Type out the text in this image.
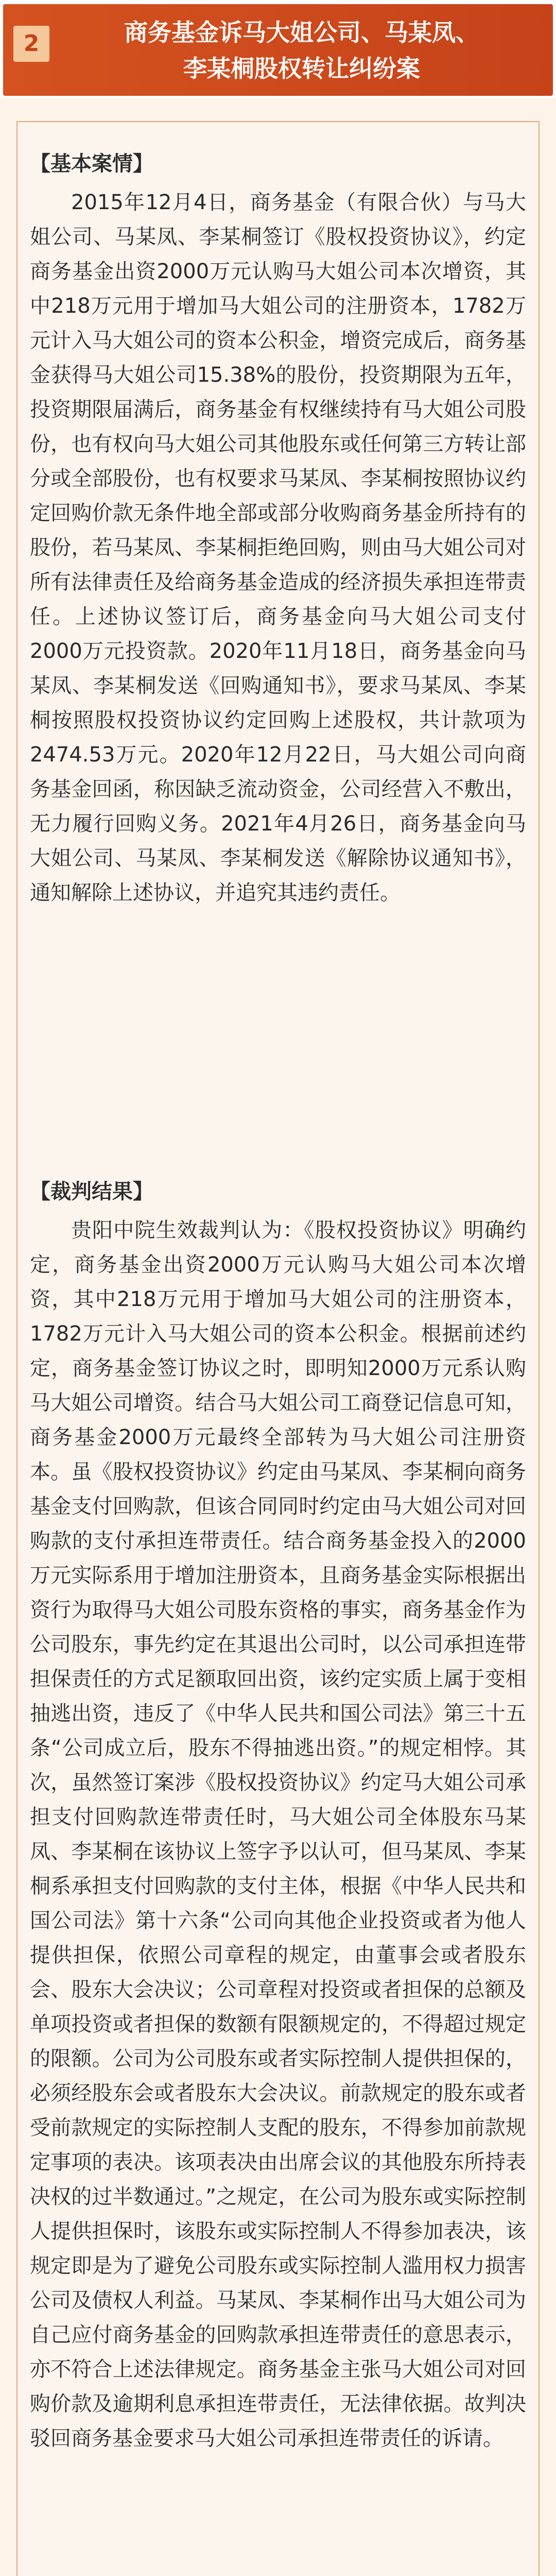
2	商务基金诉马大姐公司、马某凤、
李某桐股权转让纠纷案
【基本案情】

2015年12月4日，商务基金（有限合伙）与马大姐公司、马某凤、李某桐签订《股权投资协议》，约定商务基金出资2000万元认购马大姐公司本次增资，其中218万元用于增加马大姐公司的注册资本，1782万元计入马大姐公司的资本公积金，增资完成后，商务基金获得马大姐公司15.38%的股份，投资期限为五年，投资期限届满后，商务基金有权继续持有马大姐公司股份，也有权向马大姐公司其他股东或任何第三方转让部分或全部股份，也有权要求马某凤、李某桐按照协议约定回购价款无条件地全部或部分收购商务基金所持有的股份，若马某凤、李某桐拒绝回购，则由马大姐公司对所有法律责任及给商务基金造成的经济损失承担连带责任。上述协议签订后，商务基金向马大姐公司支付2000万元投资款。2020年11月18日，商务基金向马某凤、李某桐发送《回购通知书》，要求马某凤、李某桐按照股权投资协议约定回购上述股权，共计款项为2474.53万元。2020年12月22日，马大姐公司向商务基金回函，称因缺乏流动资金，公司经营入不敷出，无力履行回购义务。2021年4月26日，商务基金向马大姐公司、马某凤、李某桐发送《解除协议通知书》，通知解除上述协议，并追究其违约责任。

【裁判结果】

贵阳中院生效裁判认为：《股权投资协议》明确约定，商务基金出资2000万元认购马大姐公司本次增资，其中218万元用于增加马大姐公司的注册资本，1782万元计入马大姐公司的资本公积金。根据前述约定，商务基金签订协议之时，即明知2000万元系认购马大姐公司增资。结合马大姐公司工商登记信息可知，商务基金2000万元最终全部转为马大姐公司注册资本。虽《股权投资协议》约定由马某凤、李某桐向商务基金支付回购款，但该合同同时约定由马大姐公司对回购款的支付承担连带责任。结合商务基金投入的2000万元实际系用于增加注册资本，且商务基金实际根据出资行为取得马大姐公司股东资格的事实，商务基金作为公司股东，事先约定在其退出公司时，以公司承担连带担保责任的方式足额取回出资，该约定实质上属于变相抽逃出资，违反了《中华人民共和国公司法》第三十五条“公司成立后，股东不得抽逃出资。”的规定相悖。其次，虽然签订案涉《股权投资协议》约定马大姐公司承担支付回购款连带责任时，马大姐公司全体股东马某凤、李某桐在该协议上签字予以认可，但马某凤、李某桐系承担支付回购款的支付主体，根据《中华人民共和国公司法》第十六条“公司向其他企业投资或者为他人提供担保，依照公司章程的规定，由董事会或者股东会、股东大会决议；公司章程对投资或者担保的总额及单项投资或者担保的数额有限额规定的，不得超过规定的限额。公司为公司股东或者实际控制人提供担保的，必须经股东会或者股东大会决议。前款规定的股东或者受前款规定的实际控制人支配的股东，不得参加前款规定事项的表决。该项表决由出席会议的其他股东所持表决权的过半数通过。”之规定，在公司为股东或实际控制人提供担保时，该股东或实际控制人不得参加表决，该规定即是为了避免公司股东或实际控制人滥用权力损害公司及债权人利益。马某凤、李某桐作出马大姐公司为自己应付商务基金的回购款承担连带责任的意思表示，亦不符合上述法律规定。商务基金主张马大姐公司对回购价款及逾期利息承担连带责任，无法律依据。故判决驳回商务基金要求马大姐公司承担连带责任的诉请。
